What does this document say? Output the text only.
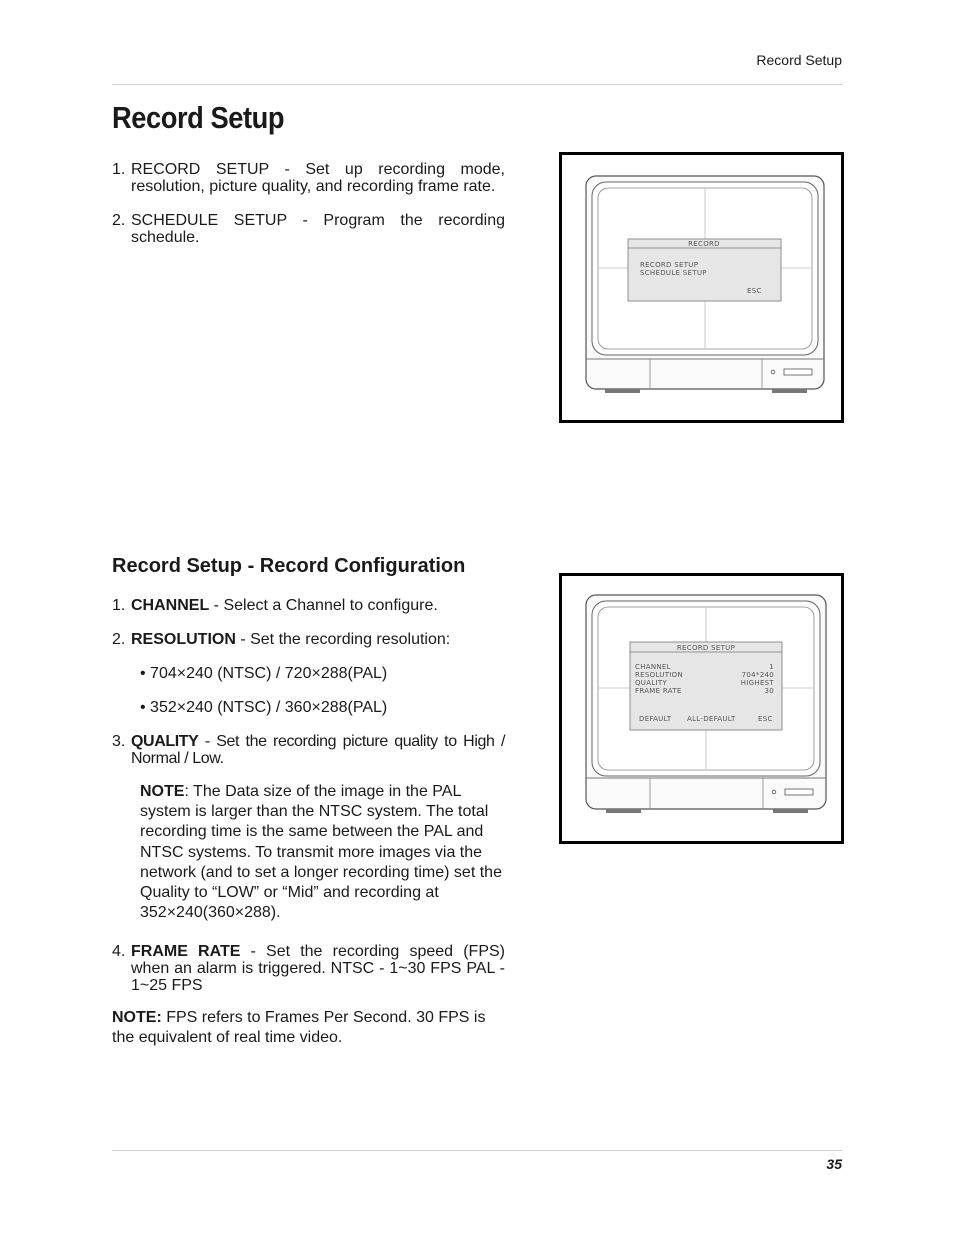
Record Setup
Record Setup
1. RECORD SETUP - Set up recording mode, resolution, picture quality, and recording frame rate.
2. SCHEDULE SETUP - Program the recording schedule.	RECORD
RECORD SETUP
SCHEDULE SETUP
ESC
Record Setup - Record Configuration
1. CHANNEL - Select a Channel to configure.
2. RESOLUTION - Set the recording resolution:
• 704×240 (NTSC) / 720×288(PAL)
• 352×240 (NTSC) / 360×288(PAL)
3. QUALITY - Set the recording picture quality to High / Normal / Low.
NOTE: The Data size of the image in the PAL system is larger than the NTSC system. The total recording time is the same between the PAL and NTSC systems. To transmit more images via the network (and to set a longer recording time) set the Quality to “LOW” or “Mid” and recording at 352×240(360×288).
4. FRAME RATE - Set the recording speed (FPS) when an alarm is triggered. NTSC - 1~30 FPS PAL - 1~25 FPS

NOTE: FPS refers to Frames Per Second. 30 FPS is the equivalent of real time video.

RECORD SETUP
CHANNEL	1
RESOLUTION	704*240
QUALITY	HIGHEST
FRAME RATE	30
DEFAULT ALL-DEFAULT	ESC
35
